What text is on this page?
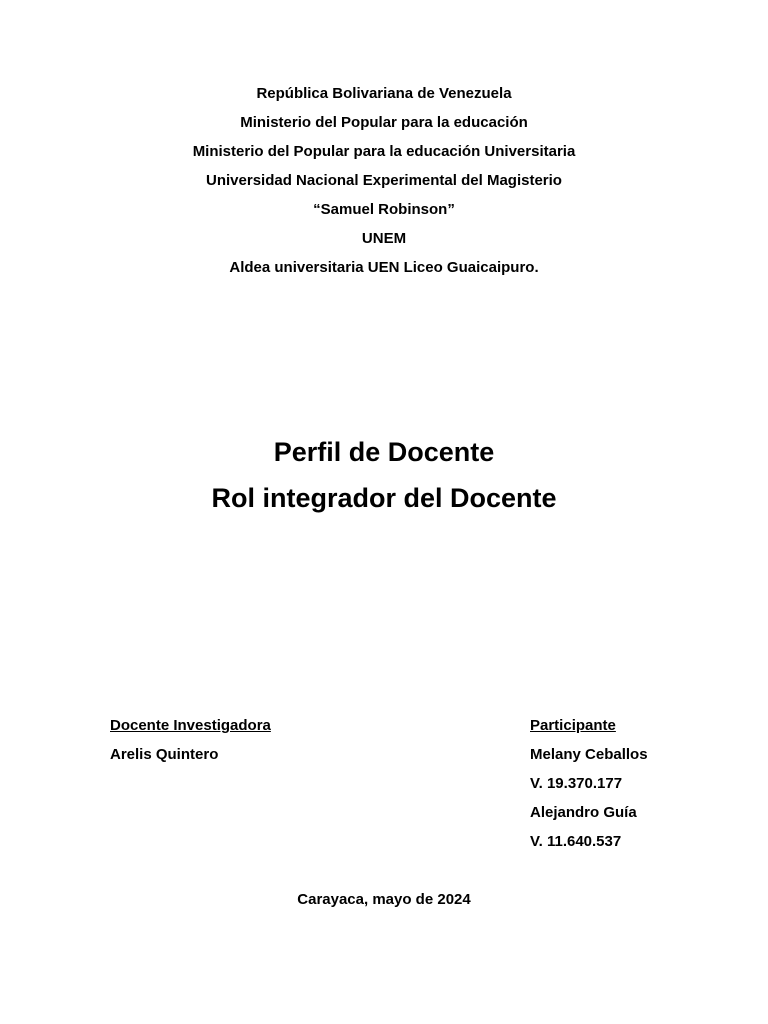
República Bolivariana de Venezuela
Ministerio del Popular para la educación
Ministerio del Popular para la educación Universitaria
Universidad Nacional Experimental del Magisterio
“Samuel Robinson”
UNEM
Aldea universitaria UEN Liceo Guaicaipuro.
Perfil de Docente
Rol integrador del Docente
Docente Investigadora
Arelis Quintero
Participante
Melany Ceballos
V. 19.370.177
Alejandro Guía
V. 11.640.537
Carayaca, mayo de 2024
